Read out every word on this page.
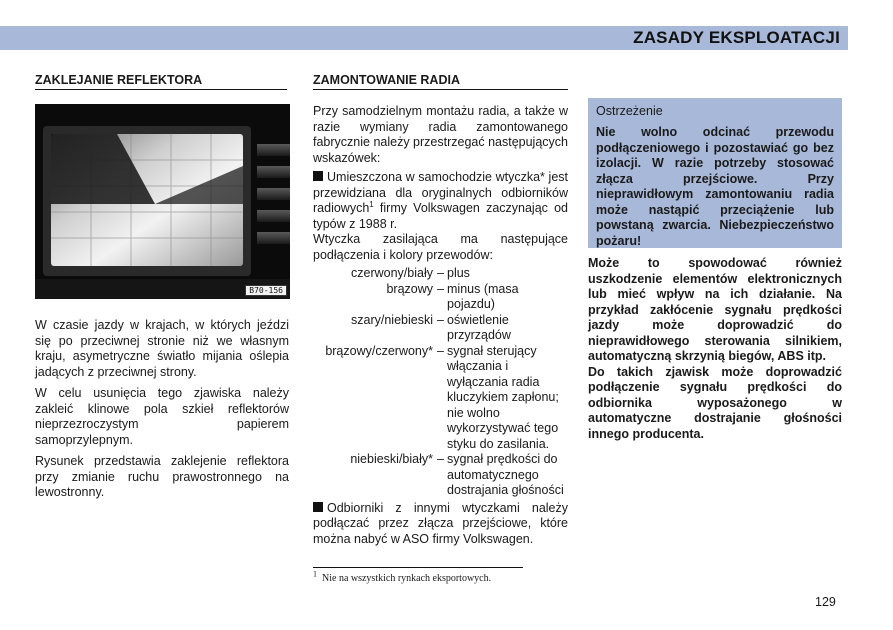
ZASADY EKSPLOATACJI
ZAKLEJANIE REFLEKTORA
B70-156

W czasie jazdy w krajach, w których jeździ się po przeciwnej stronie niż we własnym kraju, asymetryczne światło mijania oślepia jadących z przeciwnej strony.

W celu usunięcia tego zjawiska należy zakleić klinowe pola szkieł reflektorów nieprzezroczystym papierem samoprzylepnym.

Rysunek przedstawia zaklejenie reflektora przy zmianie ruchu prawostronnego na lewostronny.

ZAMONTOWANIE RADIA

Przy samodzielnym montażu radia, a także w razie wymiany radia zamontowanego fabrycznie należy przestrzegać następujących wskazówek:

Umieszczona w samochodzie wtyczka* jest przewidziana dla oryginalnych odbiorników radiowych$^1$ firmy Volkswagen zaczynając od typów z 1988 r.

Wtyczka zasilająca ma następujące podłączenia i kolory przewodów:

czerwony/biały	–	plus
brązowy	–	minus (masa pojazdu)
szary/niebieski	–	oświetlenie przyrządów
brązowy/czerwony*	–	sygnał sterujący włączania i wyłączania radia kluczykiem zapłonu; nie wolno wykorzystywać tego styku do zasilania.
niebieski/biały*	–	sygnał prędkości do automatycznego dostrajania głośności

Odbiorniki z innymi wtyczkami należy podłączać przez złącza przejściowe, które można nabyć w ASO firmy Volkswagen.

$^1$ Nie na wszystkich rynkach eksportowych.
Ostrzeżenie
Nie wolno odcinać przewodu podłączeniowego i pozostawiać go bez izolacji. W razie potrzeby stosować złącza przejściowe. Przy nieprawidłowym zamontowaniu radia może nastąpić przeciążenie lub powstaną zwarcia. Niebezpieczeństwo pożaru!

Może to spowodować również uszkodzenie elementów elektronicznych lub mieć wpływ na ich działanie. Na przykład zakłócenie sygnału prędkości jazdy może doprowadzić do nieprawidłowego sterowania silnikiem, automatyczną skrzynią biegów, ABS itp.

Do takich zjawisk może doprowadzić podłączenie sygnału prędkości do odbiornika wyposażonego w automatyczne dostrajanie głośności innego producenta.

129
